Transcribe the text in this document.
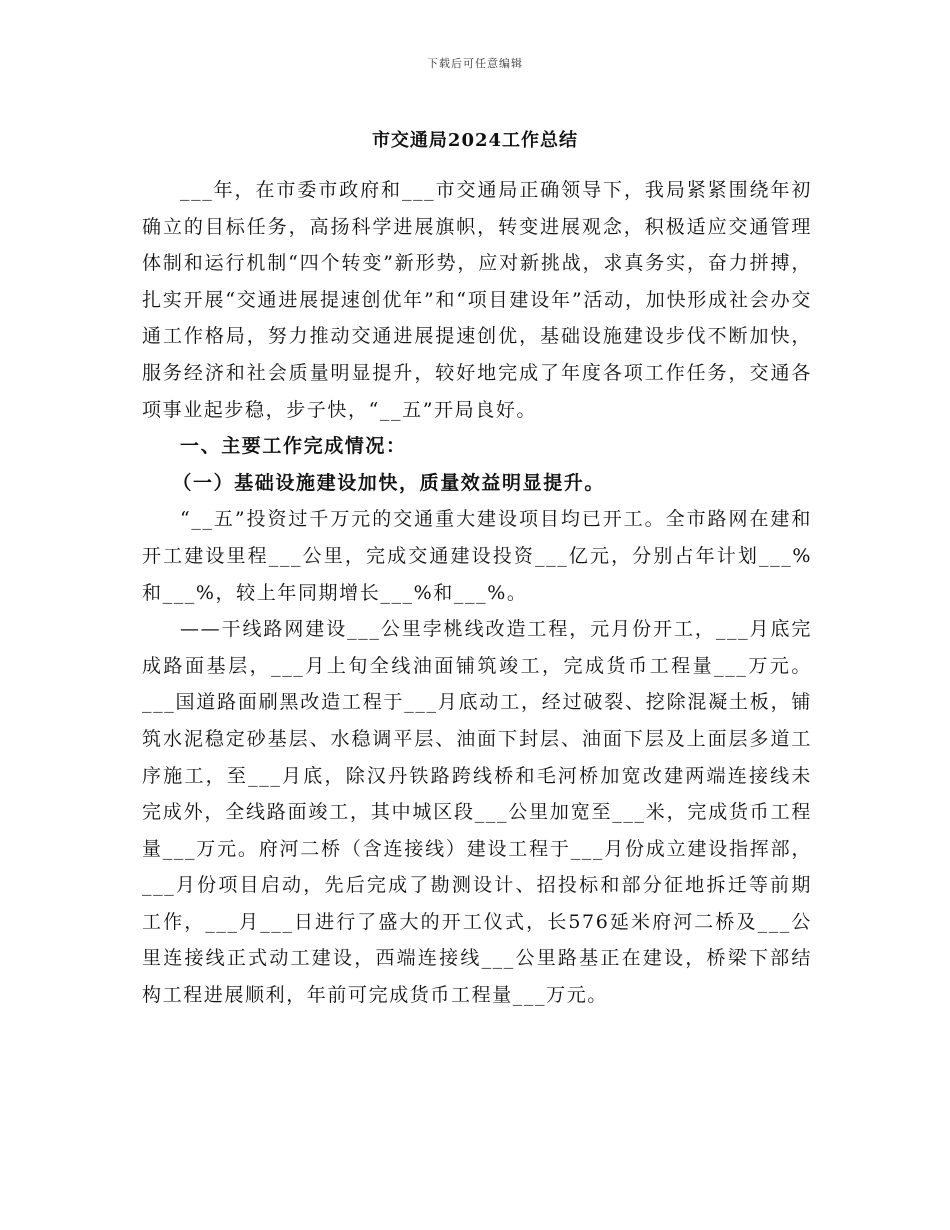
下载后可任意编辑
市交通局2024工作总结

___年，在市委市政府和___市交通局正确领导下，我局紧紧围绕年初确立的目标任务，高扬科学进展旗帜，转变进展观念，积极适应交通管理体制和运行机制“四个转变”新形势，应对新挑战，求真务实，奋力拼搏，扎实开展“交通进展提速创优年”和“项目建设年”活动，加快形成社会办交通工作格局，努力推动交通进展提速创优，基础设施建设步伐不断加快，服务经济和社会质量明显提升，较好地完成了年度各项工作任务，交通各项事业起步稳，步子快，“__五”开局良好。

一、主要工作完成情况：

（一）基础设施建设加快，质量效益明显提升。

“__五”投资过千万元的交通重大建设项目均已开工。全市路网在建和开工建设里程___公里，完成交通建设投资___亿元，分别占年计划___%和___%，较上年同期增长___%和___%。

——干线路网建设___公里孛桃线改造工程，元月份开工，___月底完成路面基层，___月上旬全线油面铺筑竣工，完成货币工程量___万元。___国道路面刷黑改造工程于___月底动工，经过破裂、挖除混凝土板，铺筑水泥稳定砂基层、水稳调平层、油面下封层、油面下层及上面层多道工序施工，至___月底，除汉丹铁路跨线桥和毛河桥加宽改建两端连接线未完成外，全线路面竣工，其中城区段___公里加宽至___米，完成货币工程量___万元。府河二桥（含连接线）建设工程于___月份成立建设指挥部，___月份项目启动，先后完成了勘测设计、招投标和部分征地拆迁等前期工作，___月___日进行了盛大的开工仪式，长576延米府河二桥及___公里连接线正式动工建设，西端连接线___公里路基正在建设，桥梁下部结构工程进展顺利，年前可完成货币工程量___万元。
